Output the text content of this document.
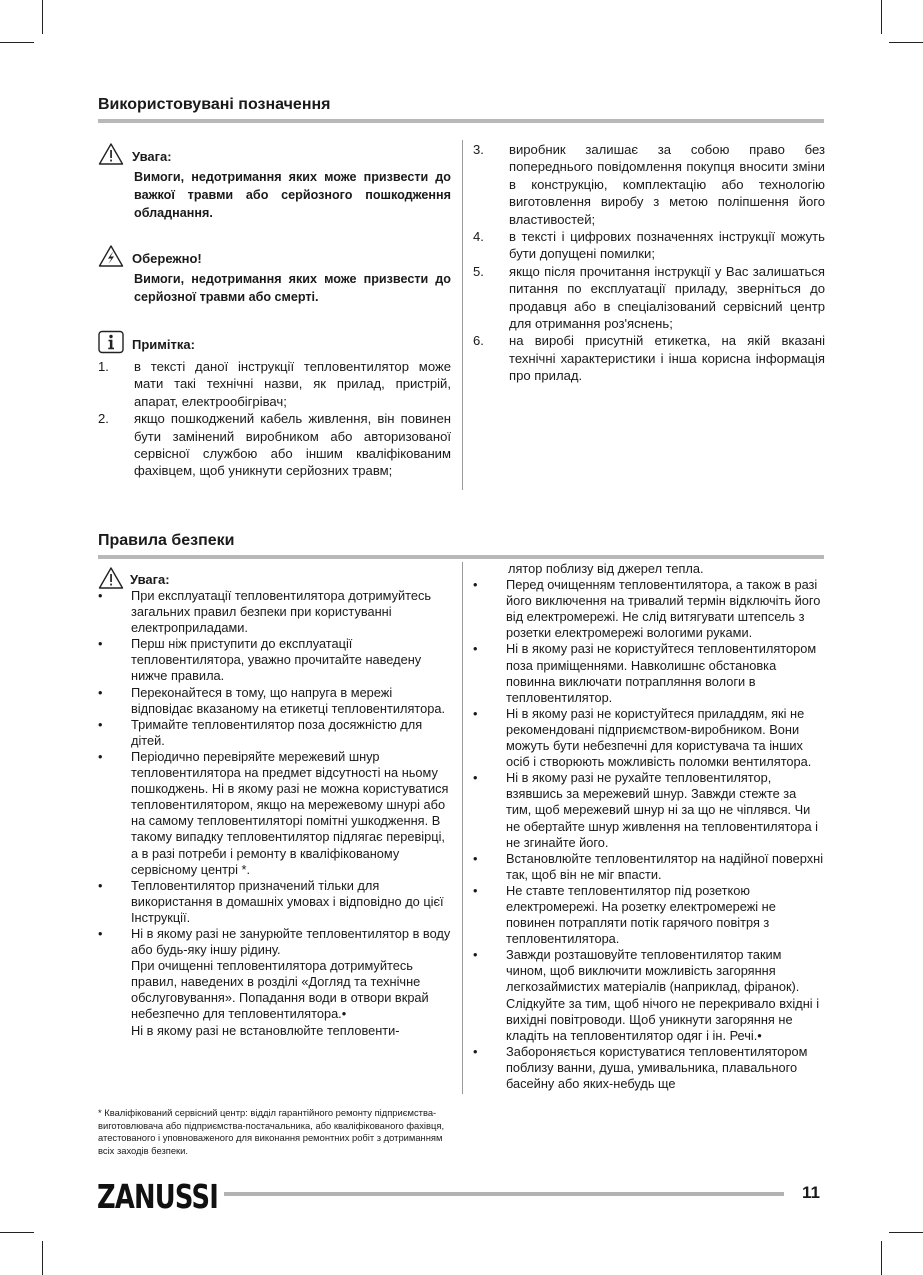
Використовувані позначення
Увага:

Вимоги, недотримання яких може призвести до важкої травми або серйозного пошкодження обладнання.

Обережно!

Вимоги, недотримання яких може призвести до серйозної травми або смерті.

Примітка:
1. в тексті даної інструкції тепловентилятор може мати такі технічні назви, як прилад, пристрій, апарат, електрообігрівач;
2. якщо пошкоджений кабель живлення, він повинен бути замінений виробником або авторизованої сервісної службою або іншим кваліфікованим фахівцем, щоб уникнути серйозних травм;
3. виробник залишає за собою право без попереднього повідомлення покупця вносити зміни в конструкцію, комплектацію або технологію виготовлення виробу з метою поліпшення його властивостей;
4. в тексті і цифрових позначеннях інструкції можуть бути допущені помилки;
5. якщо після прочитання інструкції у Вас залишаться питання по експлуатації приладу, зверніться до продавця або в спеціалізований сервісний центр для отримання роз'яснень;
6. на виробі присутній етикетка, на якій вказані технічні характеристики і інша корисна інформація про прилад.
Правила безпеки
Увага:
• При експлуатації тепловентилятора дотримуйтесь загальних правил безпеки при користуванні електроприладами.
• Перш ніж приступити до експлуатації тепловентилятора, уважно прочитайте наведену нижче правила.
• Переконайтеся в тому, що напруга в мережі відповідає вказаному на етикетці тепловентилятора.
• Тримайте тепловентилятор поза досяжністю для дітей.
• Періодично перевіряйте мережевий шнур тепловентилятора на предмет відсутності на ньому пошкоджень. Ні в якому разі не можна користуватися тепловентилятором, якщо на мережевому шнурі або на самому тепловентиляторі помітні ушкодження. В такому випадку тепловентилятор підлягає перевірці, а в разі потреби і ремонту в кваліфікованому сервісному центрі *.
• Тепловентилятор призначений тільки для використання в домашніх умовах і відповідно до цієї Інструкції.
• Ні в якому разі не занурюйте тепловентилятор в воду або будь-яку іншу рідину.
При очищенні тепловентилятора дотримуйтесь правил, наведених в розділі «Догляд та технічне обслуговування». Попадання води в отвори вкрай небезпечно для тепловентилятора.•
Ні в якому разі не встановлюйте тепловенти-
лятор поблизу від джерел тепла.
• Перед очищенням тепловентилятора, а також в разі його виключення на тривалий термін відключіть його від електромережі. Не слід витягувати штепсель з розетки електромережі вологими руками.
• Ні в якому разі не користуйтеся тепловентилятором поза приміщеннями. Навколишнє обстановка повинна виключати потрапляння вологи в тепловентилятор.
• Ні в якому разі не користуйтеся приладдям, які не рекомендовані підприємством-виробником. Вони можуть бути небезпечні для користувача та інших осіб і створюють можливість поломки вентилятора.
• Ні в якому разі не рухайте тепловентилятор, взявшись за мережевий шнур. Завжди стежте за тим, щоб мережевий шнур ні за що не чіплявся. Чи не обертайте шнур живлення на тепловентилятора і не згинайте його.
• Встановлюйте тепловентилятор на надійної поверхні так, щоб він не міг впасти.
• Не ставте тепловентилятор під розеткою електромережі. На розетку електромережі не повинен потрапляти потік гарячого повітря з тепловентилятора.
• Завжди розташовуйте тепловентилятор таким чином, щоб виключити можливість загоряння легкозаймистих матеріалів (наприклад, фіранок). Слідкуйте за тим, щоб нічого не перекривало вхідні і вихідні повітроводи. Щоб уникнути загоряння не кладіть на тепловентилятор одяг і ін. Речі.•
• Забороняється користуватися тепловентилятором поблизу ванни, душа, умивальника, плавального басейну або яких-небудь ще

* Кваліфікований сервісний центр: відділ гарантійного ремонту підприємства-виготовлювача або підприємства-постачальника, або кваліфікованого фахівця, атестованого і уповноваженого для виконання ремонтних робіт з дотриманням всіх заходів безпеки.

ZANUSSI	11
